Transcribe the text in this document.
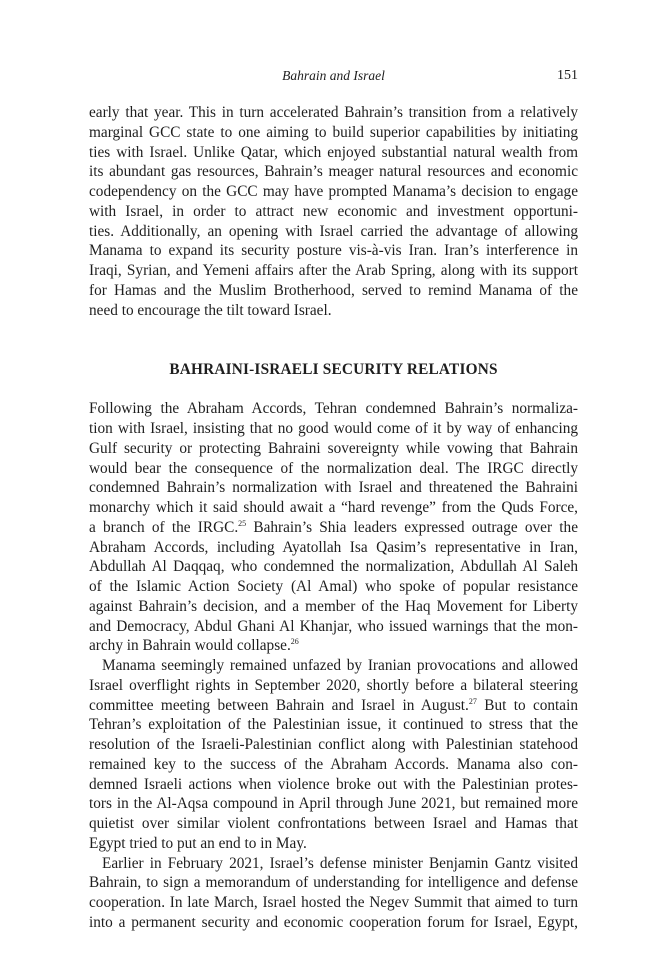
Bahrain and Israel	151
early that year. This in turn accelerated Bahrain’s transition from a relatively
marginal GCC state to one aiming to build superior capabilities by initiating
ties with Israel. Unlike Qatar, which enjoyed substantial natural wealth from
its abundant gas resources, Bahrain’s meager natural resources and economic
codependency on the GCC may have prompted Manama’s decision to engage
with Israel, in order to attract new economic and investment opportuni-
ties. Additionally, an opening with Israel carried the advantage of allowing
Manama to expand its security posture vis-à-vis Iran. Iran’s interference in
Iraqi, Syrian, and Yemeni affairs after the Arab Spring, along with its support
for Hamas and the Muslim Brotherhood, served to remind Manama of the
need to encourage the tilt toward Israel.
BAHRAINI-ISRAELI SECURITY RELATIONS
Following the Abraham Accords, Tehran condemned Bahrain’s normaliza-
tion with Israel, insisting that no good would come of it by way of enhancing
Gulf security or protecting Bahraini sovereignty while vowing that Bahrain
would bear the consequence of the normalization deal. The IRGC directly
condemned Bahrain’s normalization with Israel and threatened the Bahraini
monarchy which it said should await a “hard revenge” from the Quds Force,
a branch of the IRGC.$^{25}$ Bahrain’s Shia leaders expressed outrage over the
Abraham Accords, including Ayatollah Isa Qasim’s representative in Iran,
Abdullah Al Daqqaq, who condemned the normalization, Abdullah Al Saleh
of the Islamic Action Society (Al Amal) who spoke of popular resistance
against Bahrain’s decision, and a member of the Haq Movement for Liberty
and Democracy, Abdul Ghani Al Khanjar, who issued warnings that the mon-
archy in Bahrain would collapse.$^{26}$
Manama seemingly remained unfazed by Iranian provocations and allowed
Israel overflight rights in September 2020, shortly before a bilateral steering
committee meeting between Bahrain and Israel in August.$^{27}$ But to contain
Tehran’s exploitation of the Palestinian issue, it continued to stress that the
resolution of the Israeli-Palestinian conflict along with Palestinian statehood
remained key to the success of the Abraham Accords. Manama also con-
demned Israeli actions when violence broke out with the Palestinian protes-
tors in the Al-Aqsa compound in April through June 2021, but remained more
quietist over similar violent confrontations between Israel and Hamas that
Egypt tried to put an end to in May.
Earlier in February 2021, Israel’s defense minister Benjamin Gantz visited
Bahrain, to sign a memorandum of understanding for intelligence and defense
cooperation. In late March, Israel hosted the Negev Summit that aimed to turn
into a permanent security and economic cooperation forum for Israel, Egypt,
